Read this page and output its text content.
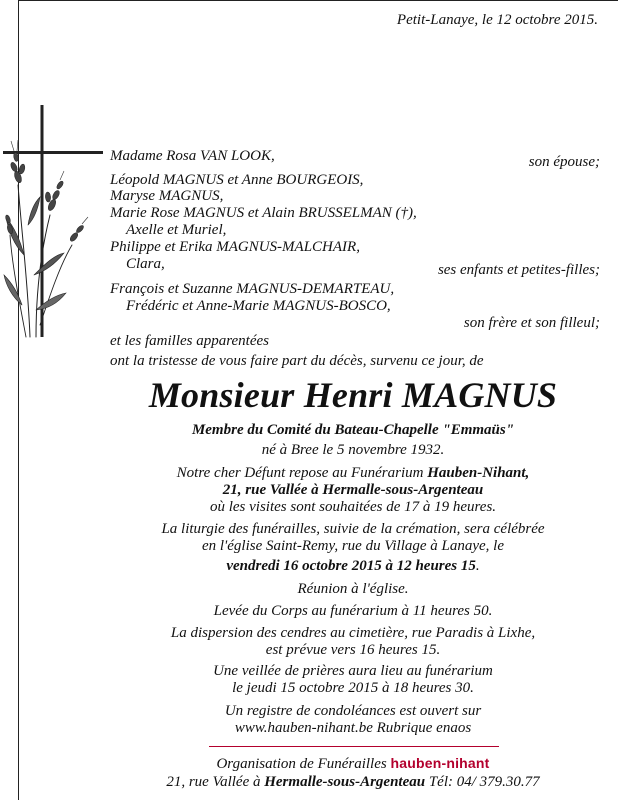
Petit-Lanaye, le 12 octobre 2015.
Madame Rosa VAN LOOK,	son épouse;
Léopold MAGNUS et Anne BOURGEOIS,
Maryse MAGNUS,
Marie Rose MAGNUS et Alain BRUSSELMAN (†),
Axelle et Muriel,
Philippe et Erika MAGNUS-MALCHAIR,
Clara,	ses enfants et petites-filles;
François et Suzanne MAGNUS-DEMARTEAU,
Frédéric et Anne-Marie MAGNUS-BOSCO,
son frère et son filleul;
et les familles apparentées
ont la tristesse de vous faire part du décès, survenu ce jour, de
Monsieur Henri MAGNUS
Membre du Comité du Bateau-Chapelle "Emmaüs"
né à Bree le 5 novembre 1932.
Notre cher Défunt repose au Funérarium Hauben-Nihant,
21, rue Vallée à Hermalle-sous-Argenteau
où les visites sont souhaitées de 17 à 19 heures.
La liturgie des funérailles, suivie de la crémation, sera célébrée
en l'église Saint-Remy, rue du Village à Lanaye, le
vendredi 16 octobre 2015 à 12 heures 15.
Réunion à l'église.
Levée du Corps au funérarium à 11 heures 50.
La dispersion des cendres au cimetière, rue Paradis à Lixhe,
est prévue vers 16 heures 15.
Une veillée de prières aura lieu au funérarium
le jeudi 15 octobre 2015 à 18 heures 30.
Un registre de condoléances est ouvert sur
www.hauben-nihant.be Rubrique enaos
Organisation de Funérailles hauben-nihant
21, rue Vallée à Hermalle-sous-Argenteau Tél: 04/ 379.30.77
